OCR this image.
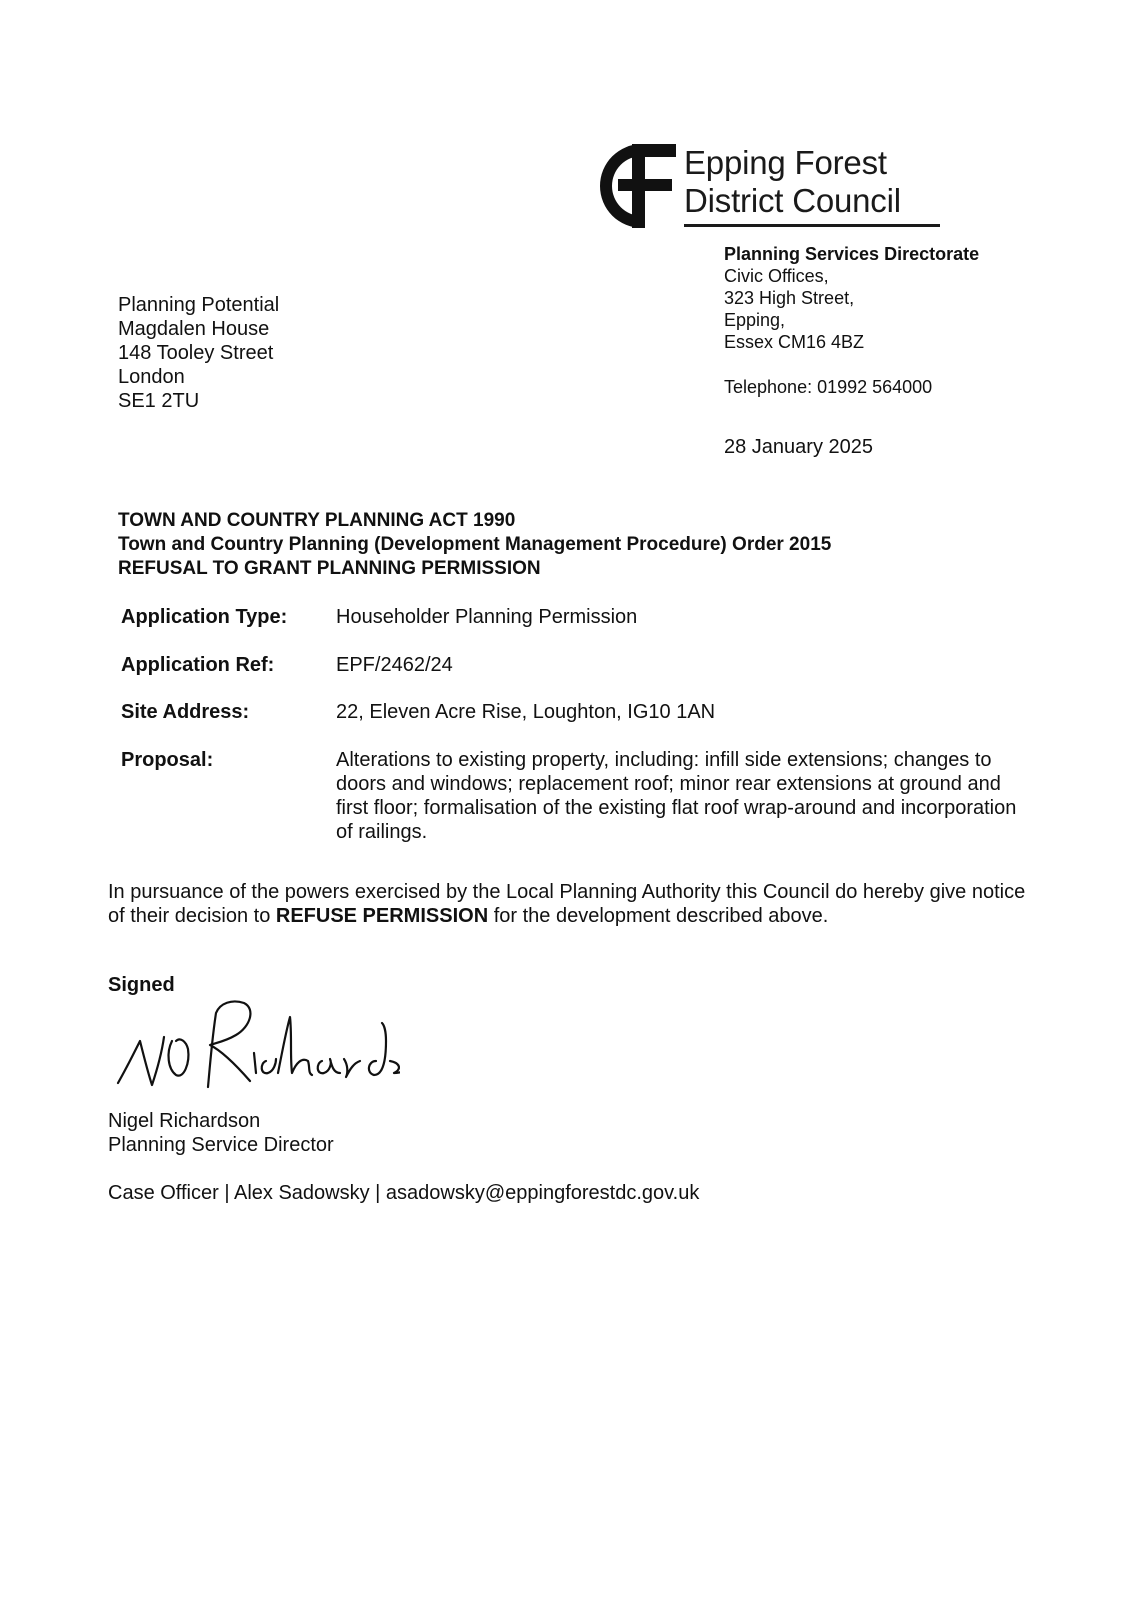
Epping Forest
District Council
Planning Potential
Magdalen House
148 Tooley Street
London
SE1 2TU
Planning Services Directorate
Civic Offices,
323 High Street,
Epping,
Essex CM16 4BZ
Telephone: 01992 564000
28 January 2025
TOWN AND COUNTRY PLANNING ACT 1990
Town and Country Planning (Development Management Procedure) Order 2015
REFUSAL TO GRANT PLANNING PERMISSION
Application Type: Householder Planning Permission
Application Ref:	EPF/2462/24
Site Address:	22, Eleven Acre Rise, Loughton, IG10 1AN
Proposal:	Alterations to existing property, including: infill side extensions; changes to doors and windows; replacement roof; minor rear extensions at ground and first floor; formalisation of the existing flat roof wrap-around and incorporation of railings.
In pursuance of the powers exercised by the Local Planning Authority this Council do hereby give notice of their decision to REFUSE PERMISSION for the development described above.
Signed
Nigel Richardson
Planning Service Director
Case Officer | Alex Sadowsky | asadowsky@eppingforestdc.gov.uk
